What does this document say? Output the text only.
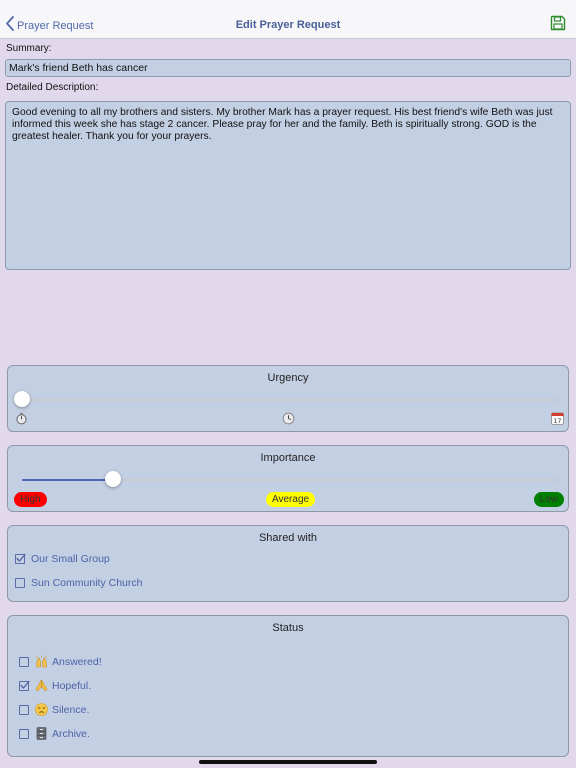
Prayer Request	Edit Prayer Request
Summary:
Mark's friend Beth has cancer
Detailed Description:
Good evening to all my brothers and sisters. My brother Mark has a prayer request. His best friend's wife Beth was just informed this week she has stage 2 cancer. Please pray for her and the family. Beth is spiritually strong. GOD is the greatest healer. Thank you for your prayers.
Urgency
17
Importance
High	Average	Low
Shared with
Our Small Group
Sun Community Church
Status
Answered!
Hopeful.
Silence.
Archive.
